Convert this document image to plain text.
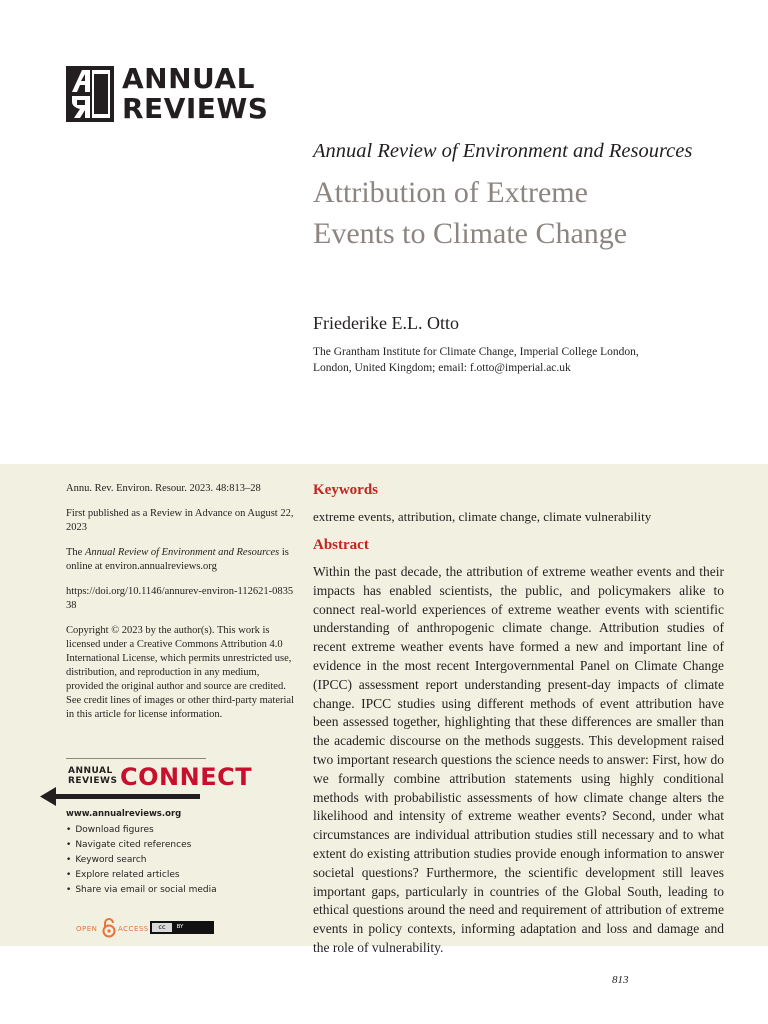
ANNUAL
REVIEWS
Annual Review of Environment and Resources
Attribution of Extreme Events to Climate Change
Friederike E.L. Otto
The Grantham Institute for Climate Change, Imperial College London, London, United Kingdom; email: f.otto@imperial.ac.uk

Annu. Rev. Environ. Resour. 2023. 48:813–28

First published as a Review in Advance on August 22, 2023

The Annual Review of Environment and Resources is online at environ.annualreviews.org

https://doi.org/10.1146/annurev-environ-112621-083538

Copyright © 2023 by the author(s). This work is licensed under a Creative Commons Attribution 4.0 International License, which permits unrestricted use, distribution, and reproduction in any medium, provided the original author and source are credited. See credit lines of images or other third-party material in this article for license information.

ANNUAL
REVIEWS CONNECT
www.annualreviews.org
• Download figures
• Navigate cited references
• Keyword search
• Explore related articles
• Share via email or social media
OPEN	ACCESS	cc	BY
Keywords
extreme events, attribution, climate change, climate vulnerability
Abstract

Within the past decade, the attribution of extreme weather events and their impacts has enabled scientists, the public, and policymakers alike to connect real-world experiences of extreme weather events with scientific understanding of anthropogenic climate change. Attribution studies of recent extreme weather events have formed a new and important line of evidence in the most recent Intergovernmental Panel on Climate Change (IPCC) assessment report understanding present-day impacts of climate change. IPCC studies using different methods of event attribution have been assessed together, highlighting that these differences are smaller than the academic discourse on the methods suggests. This development raised two important research questions the science needs to answer: First, how do we formally combine attribution statements using highly conditional methods with probabilistic assessments of how climate change alters the likelihood and intensity of extreme weather events? Second, under what circumstances are individual attribution studies still necessary and to what extent do existing attribution studies provide enough information to answer societal questions? Furthermore, the scientific development still leaves important gaps, particularly in countries of the Global South, leading to ethical questions around the need and requirement of attribution of extreme events in policy contexts, informing adaptation and loss and damage and the role of vulnerability.

813
